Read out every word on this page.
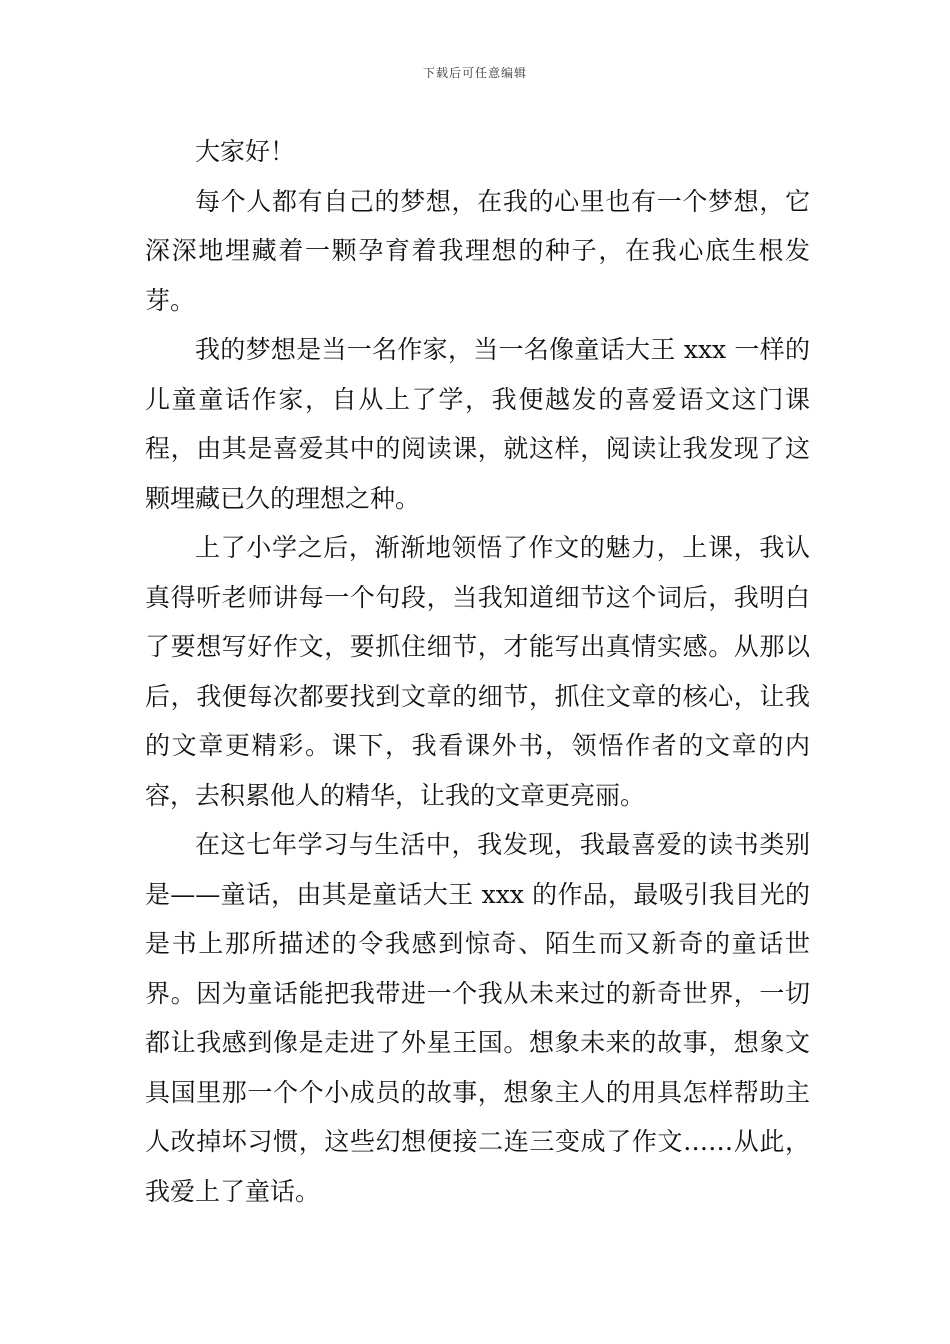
下载后可任意编辑

大家好！

每个人都有自己的梦想，在我的心里也有一个梦想，它深深地埋藏着一颗孕育着我理想的种子，在我心底生根发芽。

我的梦想是当一名作家，当一名像童话大王 xxx 一样的儿童童话作家，自从上了学，我便越发的喜爱语文这门课程，由其是喜爱其中的阅读课，就这样，阅读让我发现了这颗埋藏已久的理想之种。

上了小学之后，渐渐地领悟了作文的魅力，上课，我认真得听老师讲每一个句段，当我知道细节这个词后，我明白了要想写好作文，要抓住细节，才能写出真情实感。从那以后，我便每次都要找到文章的细节，抓住文章的核心，让我的文章更精彩。课下，我看课外书，领悟作者的文章的内容，去积累他人的精华，让我的文章更亮丽。

在这七年学习与生活中，我发现，我最喜爱的读书类别是——童话，由其是童话大王 xxx 的作品，最吸引我目光的是书上那所描述的令我感到惊奇、陌生而又新奇的童话世界。因为童话能把我带进一个我从未来过的新奇世界，一切都让我感到像是走进了外星王国。想象未来的故事，想象文具国里那一个个小成员的故事，想象主人的用具怎样帮助主人改掉坏习惯，这些幻想便接二连三变成了作文……从此，我爱上了童话。
